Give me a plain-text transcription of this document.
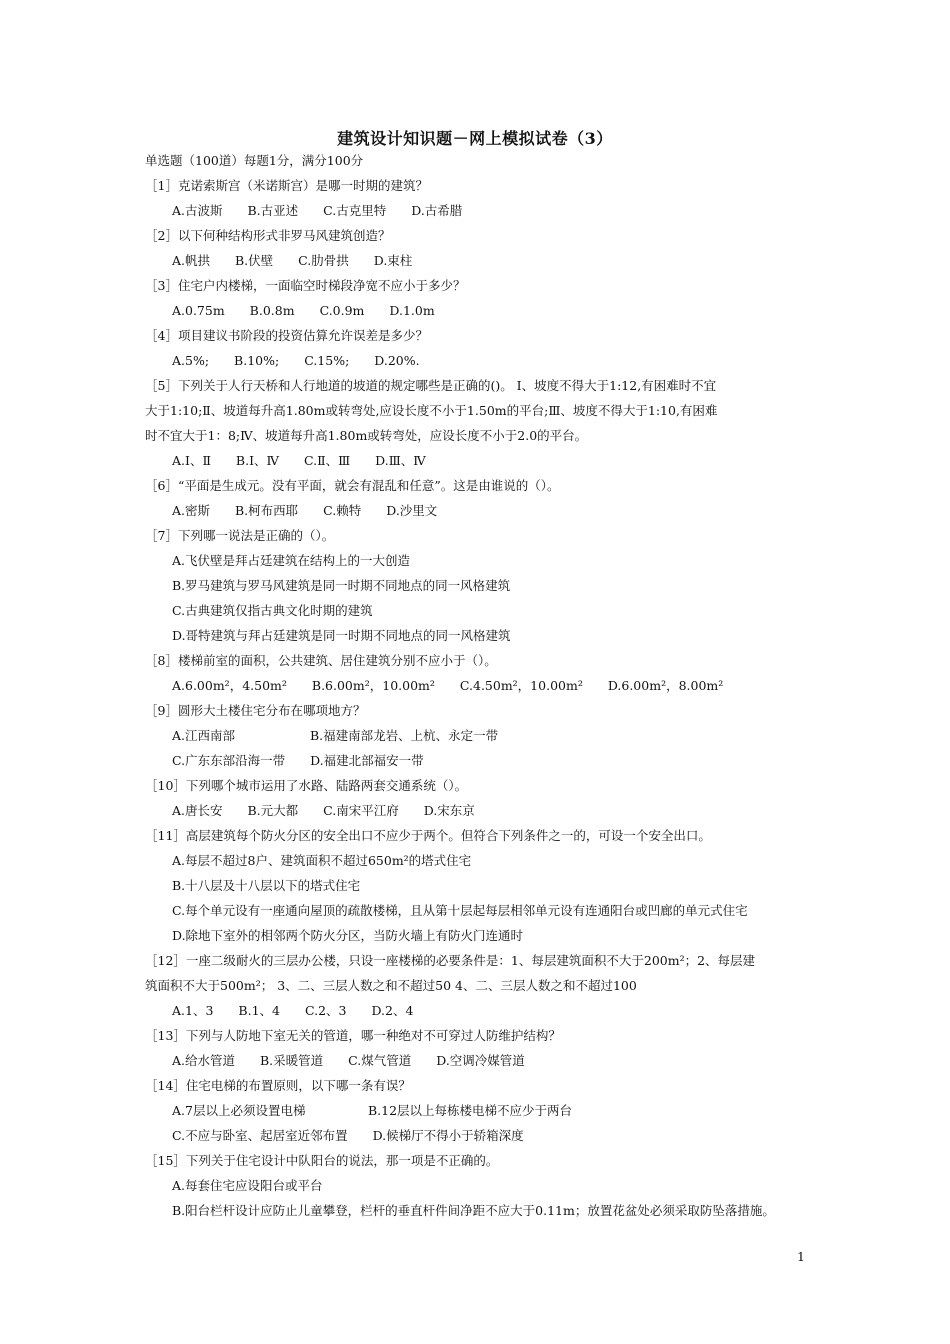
建筑设计知识题－网上模拟试卷（3）
单选题（100道）每题1分，满分100分
［1］克诺索斯宫（米诺斯宫）是哪一时期的建筑？
A.古波斯　　B.古亚述　　C.古克里特　　D.古希腊
［2］以下何种结构形式非罗马风建筑创造？
A.帆拱　　B.伏壁　　C.肋骨拱　　D.束柱
［3］住宅户内楼梯，一面临空时梯段净宽不应小于多少？
A.0.75m　　B.0.8m　　C.0.9m　　D.1.0m
［4］项目建议书阶段的投资估算允许误差是多少？
A.5%;　　B.10%;　　C.15%;　　D.20%.
［5］下列关于人行天桥和人行地道的坡道的规定哪些是正确的()。 Ⅰ、坡度不得大于1:12,有困难时不宜
大于1:10;Ⅱ、坡道每升高1.80m或转弯处,应设长度不小于1.50m的平台;Ⅲ、坡度不得大于1:10,有困难
时不宜大于1：8;Ⅳ、坡道每升高1.80m或转弯处，应设长度不小于2.0的平台。
A.Ⅰ、Ⅱ　　B.Ⅰ、Ⅳ　　C.Ⅱ、Ⅲ　　D.Ⅲ、Ⅳ
［6］“平面是生成元。没有平面，就会有混乱和任意”。这是由谁说的（）。
A.密斯　　B.柯布西耶　　C.赖特　　D.沙里文
［7］下列哪一说法是正确的（）。
A.飞伏壁是拜占廷建筑在结构上的一大创造
B.罗马建筑与罗马风建筑是同一时期不同地点的同一风格建筑
C.古典建筑仅指古典文化时期的建筑
D.哥特建筑与拜占廷建筑是同一时期不同地点的同一风格建筑
［8］楼梯前室的面积，公共建筑、居住建筑分别不应小于（）。
A.6.00m²，4.50m²　　B.6.00m²，10.00m²　　C.4.50m²，10.00m²　　D.6.00m²，8.00m²
［9］圆形大土楼住宅分布在哪项地方？
A.江西南部　　　　　　B.福建南部龙岩、上杭、永定一带
C.广东东部沿海一带　　D.福建北部福安一带
［10］下列哪个城市运用了水路、陆路两套交通系统（）。
A.唐长安　　B.元大都　　C.南宋平江府　　D.宋东京
［11］高层建筑每个防火分区的安全出口不应少于两个。但符合下列条件之一的，可设一个安全出口。
A.每层不超过8户、建筑面积不超过650m²的塔式住宅
B.十八层及十八层以下的塔式住宅
C.每个单元设有一座通向屋顶的疏散楼梯，且从第十层起每层相邻单元设有连通阳台或凹廊的单元式住宅
D.除地下室外的相邻两个防火分区，当防火墙上有防火门连通时
［12］一座二级耐火的三层办公楼，只设一座楼梯的必要条件是：1、每层建筑面积不大于200m²；2、每层建
筑面积不大于500m²； 3、二、三层人数之和不超过50 4、二、三层人数之和不超过100
A.1、3　　B.1、4　　C.2、3　　D.2、4
［13］下列与人防地下室无关的管道，哪一种绝对不可穿过人防维护结构？
A.给水管道　　B.采暖管道　　C.煤气管道　　D.空调冷媒管道
［14］住宅电梯的布置原则，以下哪一条有误？
A.7层以上必须设置电梯　　　　　B.12层以上每栋楼电梯不应少于两台
C.不应与卧室、起居室近邻布置　　D.候梯厅不得小于轿箱深度
［15］下列关于住宅设计中队阳台的说法，那一项是不正确的。
A.每套住宅应设阳台或平台
B.阳台栏杆设计应防止儿童攀登，栏杆的垂直杆件间净距不应大于0.11m；放置花盆处必须采取防坠落措施。
1
